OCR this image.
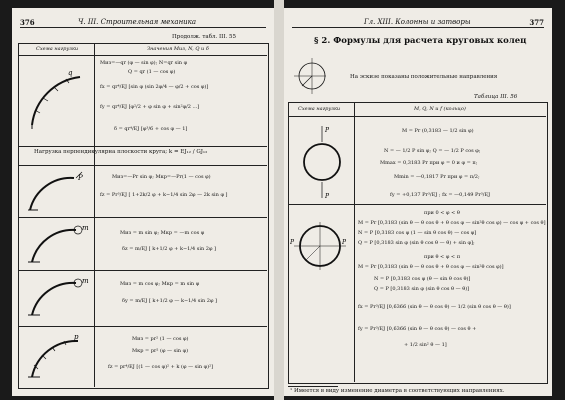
376	Ч. III. Строительная механика

Продолж. табл. III. 55
Схема нагрузки	Значения Mиз, N, Q и δ
q
Mиз=—qr (φ — sin φ); N=qr sin φ
Q = qr (1 — cos φ)
fx = qr⁴/EJ [sin φ (sin 2φ/4 — φ/2 + cos φ)]
fy = qr⁴/EJ [φ²/2 + φ sin φ + sin²φ/2 ...]
δ = qr⁴/EJ [φ³/6 + cos φ — 1]
Нагрузка перпендикулярна плоскости круга; k = EJ₁₂ / GJ₁₂
P	Mиз=—Pr sin φ; Mкр=—Pr(1 — cos φ)
fz = Pr³/EJ [ 1+2k/2 φ + k−1/4 sin 2φ — 2k sin φ ]
m
Mиз = m sin φ; Mкр = —m cos φ
δz = m/EJ [ k+1/2 φ + k−1/4 sin 2φ ]
m	Mиз = m cos φ; Mкр = m sin φ
δy = m/EJ [ k+1/2 φ — k−1/4 sin 2φ ]
p	Mиз = pr² (1 — cos φ)
Mкр = pr² (φ — sin φ)
fz = pr⁴/EJ [(1 — cos φ)² + k (φ — sin φ)²]
Гл. XIII. Колонны и затворы	377

§ 2. Формулы для расчета круговых колец
На эскизе показаны положительные направления
Таблица III. 56
Схема нагрузки	M, Q, N и f (кольцо)
P
P
M = Pr (0,3183 — 1/2 sin φ)
N = — 1/2 P sin φ; Q = — 1/2 P cos φ;
Mmax = 0,3183 Pr при φ = 0 и φ = π;
Mmin = —0,1817 Pr при φ = π/2;
fy = +0,137 Pr³/EJ ; fx = —0,149 Pr³/EJ
P	P
при 0 < φ < θ
M = Pr [0,3183 (sin θ — θ cos θ + θ cos φ — sin²θ cos φ) — cos φ + cos θ]
N = P [0,3183 cos φ (1 — sin θ cos θ) — cos φ]
Q = P [0,3183 sin φ (sin θ cos θ — θ) + sin φ];
при θ < φ < π
M = Pr [0,3183 (sin θ — θ cos θ + θ cos φ — sin²θ cos φ)]
N = P [0,3183 cos φ (θ — sin θ cos θ)]
Q = P [0,3183 sin φ (sin θ cos θ — θ)]
fx = Pr³/EJ [0,6366 (sin θ — θ cos θ) — 1/2 (sin θ cos θ — θ)]
fy = Pr³/EJ [0,6366 (sin θ — θ cos θ) — cos θ +
+ 1/2 sin² θ — 1]
¹ Имеется в виду изменение диаметра в соответствующих направлениях.
